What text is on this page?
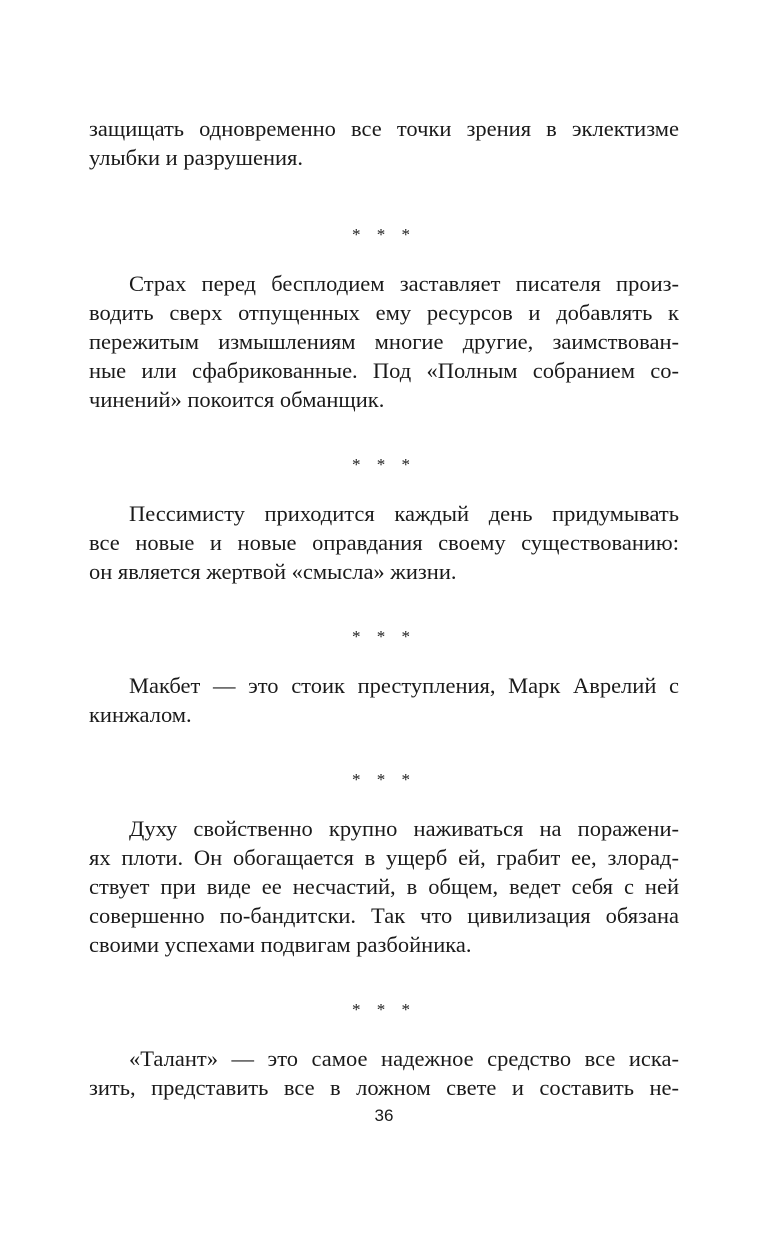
защищать одновременно все точки зрения в эклектизме
улыбки и разрушения.
* * *
Страх перед бесплодием заставляет писателя произ-
водить сверх отпущенных ему ресурсов и добавлять к
пережитым измышлениям многие другие, заимствован-
ные или сфабрикованные. Под «Полным собранием со-
чинений» покоится обманщик.
* * *
Пессимисту приходится каждый день придумывать
все новые и новые оправдания своему существованию:
он является жертвой «смысла» жизни.
* * *
Макбет — это стоик преступления, Марк Аврелий с
кинжалом.
* * *
Духу свойственно крупно наживаться на поражени-
ях плоти. Он обогащается в ущерб ей, грабит ее, злорад-
ствует при виде ее несчастий, в общем, ведет себя с ней
совершенно по-бандитски. Так что цивилизация обязана
своими успехами подвигам разбойника.
* * *
«Талант» — это самое надежное средство все иска-
зить, представить все в ложном свете и составить не-
36
